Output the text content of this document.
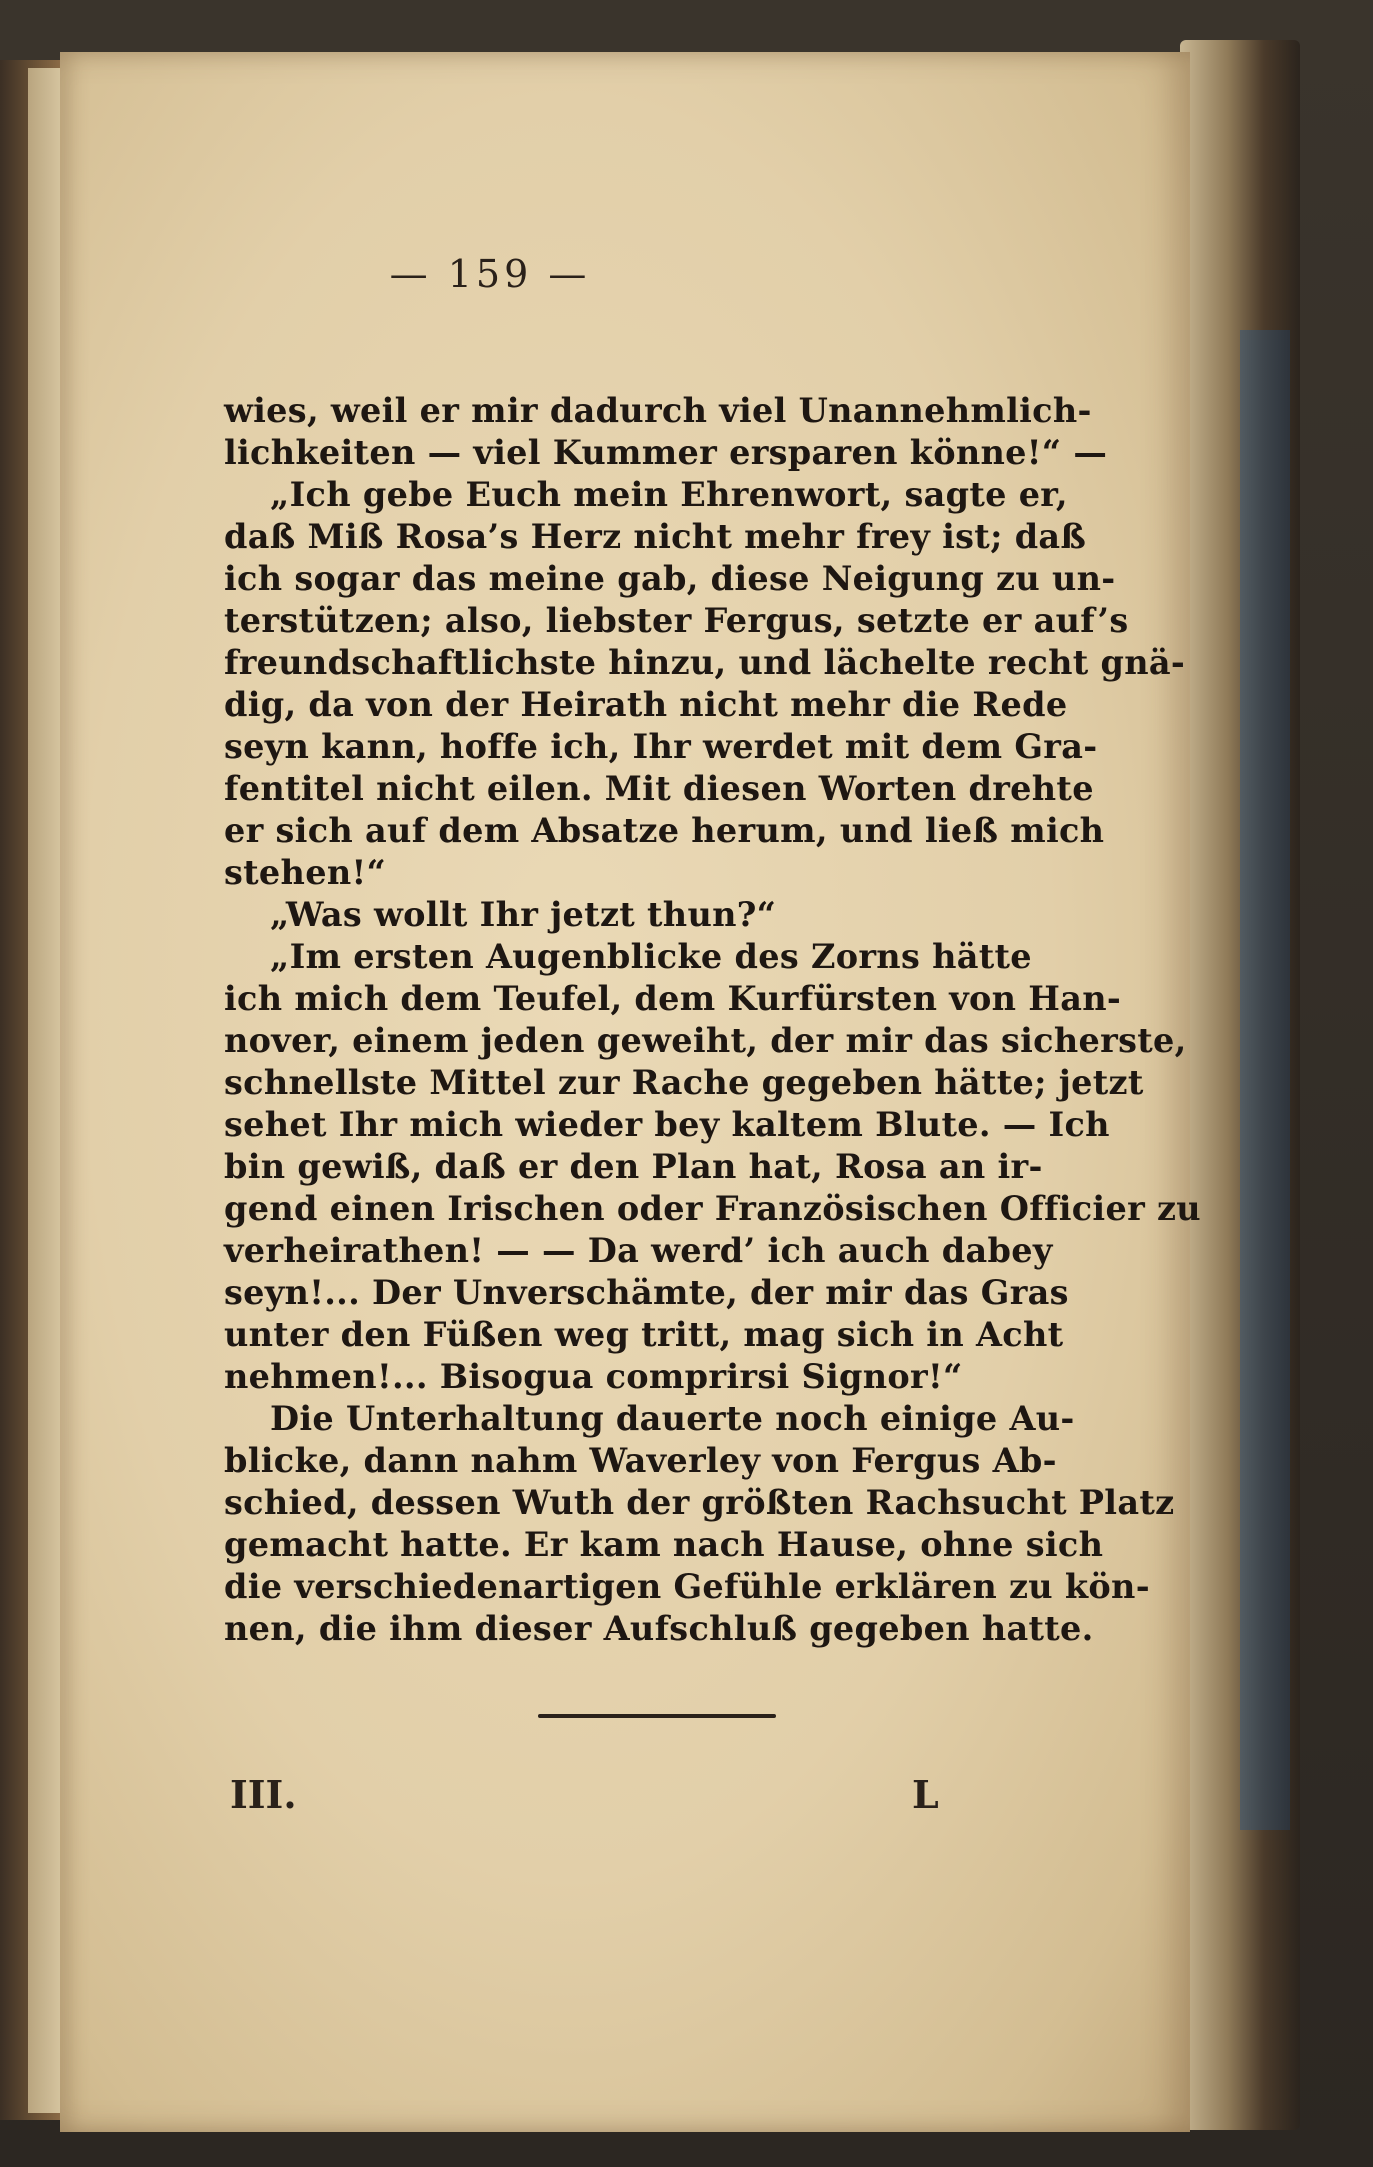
— 159 —
wies, weil er mir dadurch viel Unannehmlich-
lichkeiten — viel Kummer ersparen könne!“ —
„Ich gebe Euch mein Ehrenwort, sagte er,
daß Miß Rosa’s Herz nicht mehr frey ist; daß
ich sogar das meine gab, diese Neigung zu un-
terstützen; also, liebster Fergus, setzte er auf’s
freundschaftlichste hinzu, und lächelte recht gnä-
dig, da von der Heirath nicht mehr die Rede
seyn kann, hoffe ich, Ihr werdet mit dem Gra-
fentitel nicht eilen. Mit diesen Worten drehte
er sich auf dem Absatze herum, und ließ mich
stehen!“
„Was wollt Ihr jetzt thun?“
„Im ersten Augenblicke des Zorns hätte
ich mich dem Teufel, dem Kurfürsten von Han-
nover, einem jeden geweiht, der mir das sicherste,
schnellste Mittel zur Rache gegeben hätte; jetzt
sehet Ihr mich wieder bey kaltem Blute. — Ich
bin gewiß, daß er den Plan hat, Rosa an ir-
gend einen Irischen oder Französischen Officier zu
verheirathen! — — Da werd’ ich auch dabey
seyn!... Der Unverschämte, der mir das Gras
unter den Füßen weg tritt, mag sich in Acht
nehmen!... Bisogua comprirsi Signor!“
Die Unterhaltung dauerte noch einige Au-
blicke, dann nahm Waverley von Fergus Ab-
schied, dessen Wuth der größten Rachsucht Platz
gemacht hatte. Er kam nach Hause, ohne sich
die verschiedenartigen Gefühle erklären zu kön-
nen, die ihm dieser Aufschluß gegeben hatte.
III.	L
